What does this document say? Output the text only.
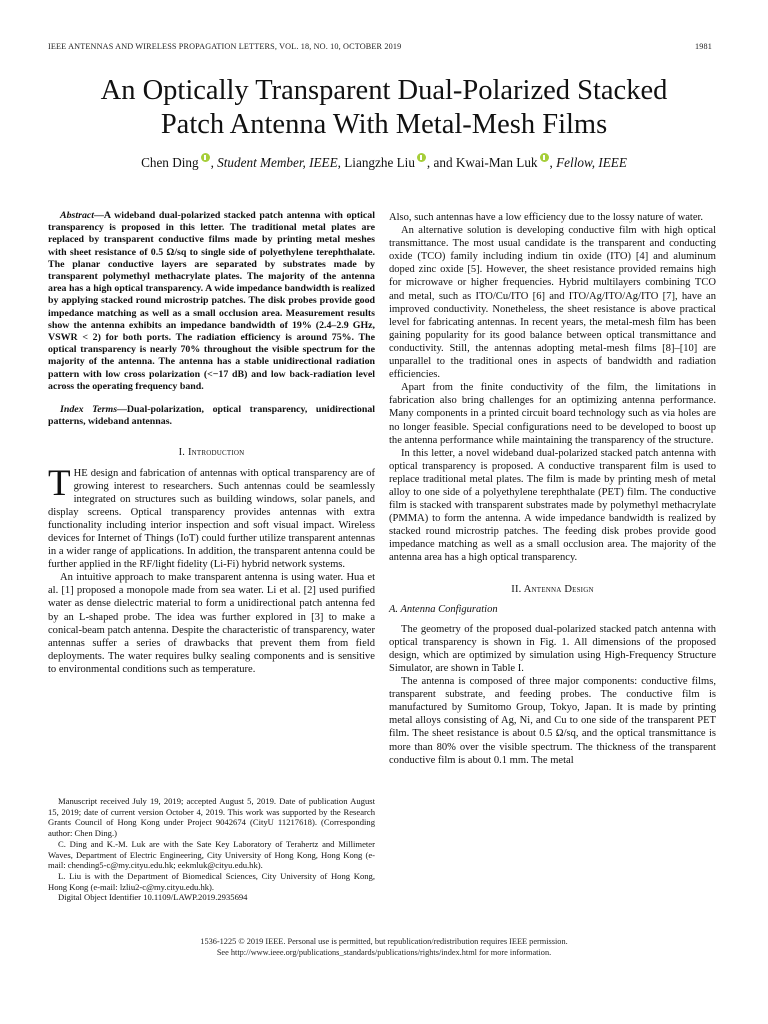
IEEE ANTENNAS AND WIRELESS PROPAGATION LETTERS, VOL. 18, NO. 10, OCTOBER 2019	1981
An Optically Transparent Dual-Polarized Stacked
Patch Antenna With Metal-Mesh Films
Chen Ding , Student Member, IEEE, Liangzhe Liu , and Kwai-Man Luk , Fellow, IEEE

Abstract—A wideband dual-polarized stacked patch antenna with optical transparency is proposed in this letter. The traditional metal plates are replaced by transparent conductive films made by printing metal meshes with sheet resistance of 0.5 Ω/sq to single side of polyethylene terephthalate. The planar conductive layers are separated by substrates made by transparent polymethyl methacrylate plates. The majority of the antenna area has a high optical transparency. A wide impedance bandwidth is realized by applying stacked round microstrip patches. The disk probes provide good impedance matching as well as a small occlusion area. Measurement results show the antenna exhibits an impedance bandwidth of 19% (2.4–2.9 GHz, VSWR < 2) for both ports. The radiation efficiency is around 75%. The optical transparency is nearly 70% throughout the visible spectrum for the majority of the antenna. The antenna has a stable unidirectional radiation pattern with low cross polarization (<−17 dB) and low back-radiation level across the operating frequency band.

Index Terms—Dual-polarization, optical transparency, unidirectional patterns, wideband antennas.

I. Introduction

THE design and fabrication of antennas with optical transparency are of growing interest to researchers. Such antennas could be seamlessly integrated on structures such as building windows, solar panels, and display screens. Optical transparency provides antennas with extra functionality including interior inspection and soft visual impact. Wireless devices for Internet of Things (IoT) could further utilize transparent antennas in a wider range of applications. In addition, the transparent antenna could be further applied in the RF/light fidelity (Li-Fi) hybrid network systems.

An intuitive approach to make transparent antenna is using water. Hua et al. [1] proposed a monopole made from sea water. Li et al. [2] used purified water as dense dielectric material to form a unidirectional patch antenna fed by an L-shaped probe. The idea was further explored in [3] to make a conical-beam patch antenna. Despite the characteristic of transparency, water antennas suffer a series of drawbacks that prevent them from field deployments. The water requires bulky sealing components and is sensitive to environmental conditions such as temperature.

Manuscript received July 19, 2019; accepted August 5, 2019. Date of publication August 15, 2019; date of current version October 4, 2019. This work was supported by the Research Grants Council of Hong Kong under Project 9042674 (CityU 11217618). (Corresponding author: Chen Ding.)

C. Ding and K.-M. Luk are with the Sate Key Laboratory of Terahertz and Millimeter Waves, Department of Electric Engineering, City University of Hong Kong, Hong Kong (e-mail: chending5-c@my.cityu.edu.hk; eekmluk@cityu.edu.hk).

L. Liu is with the Department of Biomedical Sciences, City University of Hong Kong, Hong Kong (e-mail: lzliu2-c@my.cityu.edu.hk).

Digital Object Identifier 10.1109/LAWP.2019.2935694

Also, such antennas have a low efficiency due to the lossy nature of water.

An alternative solution is developing conductive film with high optical transmittance. The most usual candidate is the transparent and conducting oxide (TCO) family including indium tin oxide (ITO) [4] and aluminum doped zinc oxide [5]. However, the sheet resistance provided remains high for microwave or higher frequencies. Hybrid multilayers combining TCO and metal, such as ITO/Cu/ITO [6] and ITO/Ag/ITO/Ag/ITO [7], have an improved conductivity. Nonetheless, the sheet resistance is above practical level for fabricating antennas. In recent years, the metal-mesh film has been gaining popularity for its good balance between optical transmittance and conductivity. Still, the antennas adopting metal-mesh films [8]–[10] are unparallel to the traditional ones in aspects of bandwidth and radiation efficiencies.

Apart from the finite conductivity of the film, the limitations in fabrication also bring challenges for an optimizing antenna performance. Many components in a printed circuit board technology such as via holes are no longer feasible. Special configurations need to be developed to boost up the antenna performance while maintaining the transparency of the structure.

In this letter, a novel wideband dual-polarized stacked patch antenna with optical transparency is proposed. A conductive transparent film is used to replace traditional metal plates. The film is made by printing mesh of metal alloy to one side of a polyethylene terephthalate (PET) film. The conductive film is stacked with transparent substrates made by polymethyl methacrylate (PMMA) to form the antenna. A wide impedance bandwidth is realized by stacked round microstrip patches. The feeding disk probes provide good impedance matching as well as a small occlusion area. The majority of the antenna area has a high optical transparency.

II. Antenna Design
A. Antenna Configuration

The geometry of the proposed dual-polarized stacked patch antenna with optical transparency is shown in Fig. 1. All dimensions of the proposed design, which are optimized by simulation using High-Frequency Structure Simulator, are shown in Table I.

The antenna is composed of three major components: conductive films, transparent substrate, and feeding probes. The conductive film is manufactured by Sumitomo Group, Tokyo, Japan. It is made by printing metal alloys consisting of Ag, Ni, and Cu to one side of the transparent PET film. The sheet resistance is about 0.5 Ω/sq, and the optical transmittance is more than 80% over the visible spectrum. The thickness of the transparent conductive film is about 0.1 mm. The metal

1536-1225 © 2019 IEEE. Personal use is permitted, but republication/redistribution requires IEEE permission.
See http://www.ieee.org/publications_standards/publications/rights/index.html for more information.
